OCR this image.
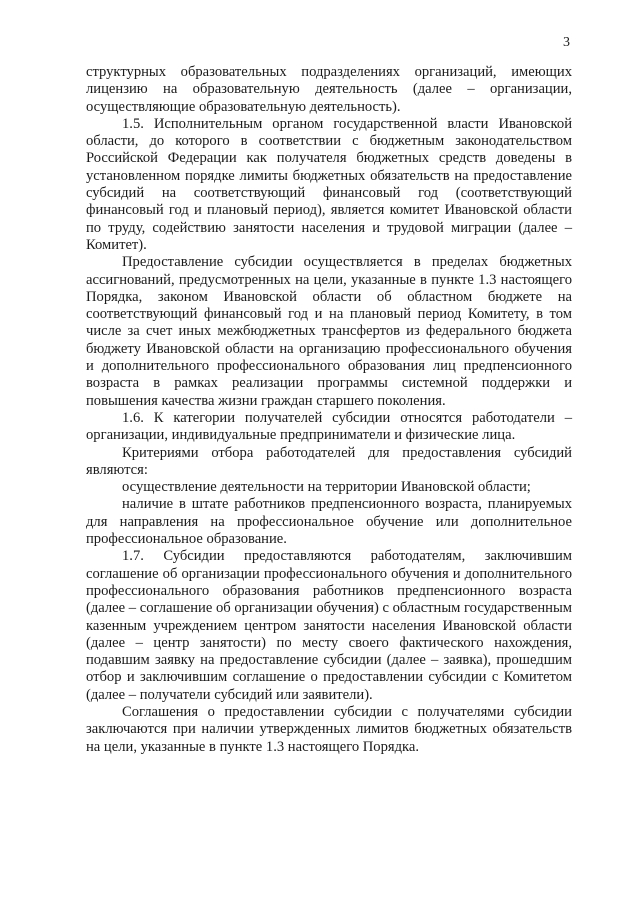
3

структурных образовательных подразделениях организаций, имеющих лицензию на образовательную деятельность (далее – организации, осуществляющие образовательную деятельность).

1.5. Исполнительным органом государственной власти Ивановской области, до которого в соответствии с бюджетным законодательством Российской Федерации как получателя бюджетных средств доведены в установленном порядке лимиты бюджетных обязательств на предоставление субсидий на соответствующий финансовый год (соответствующий финансовый год и плановый период), является комитет Ивановской области по труду, содействию занятости населения и трудовой миграции (далее – Комитет).

Предоставление субсидии осуществляется в пределах бюджетных ассигнований, предусмотренных на цели, указанные в пункте 1.3 настоящего Порядка, законом Ивановской области об областном бюджете на соответствующий финансовый год и на плановый период Комитету, в том числе за счет иных межбюджетных трансфертов из федерального бюджета бюджету Ивановской области на организацию профессионального обучения и дополнительного профессионального образования лиц предпенсионного возраста в рамках реализации программы системной поддержки и повышения качества жизни граждан старшего поколения.

1.6. К категории получателей субсидии относятся работодатели – организации, индивидуальные предприниматели и физические лица.

Критериями отбора работодателей для предоставления субсидий являются:

осуществление деятельности на территории Ивановской области;

наличие в штате работников предпенсионного возраста, планируемых для направления на профессиональное обучение или дополнительное профессиональное образование.

1.7. Субсидии предоставляются работодателям, заключившим соглашение об организации профессионального обучения и дополнительного профессионального образования работников предпенсионного возраста (далее – соглашение об организации обучения) с областным государственным казенным учреждением центром занятости населения Ивановской области (далее – центр занятости) по месту своего фактического нахождения, подавшим заявку на предоставление субсидии (далее – заявка), прошедшим отбор и заключившим соглашение о предоставлении субсидии с Комитетом (далее – получатели субсидий или заявители).

Соглашения о предоставлении субсидии с получателями субсидии заключаются при наличии утвержденных лимитов бюджетных обязательств на цели, указанные в пункте 1.3 настоящего Порядка.
